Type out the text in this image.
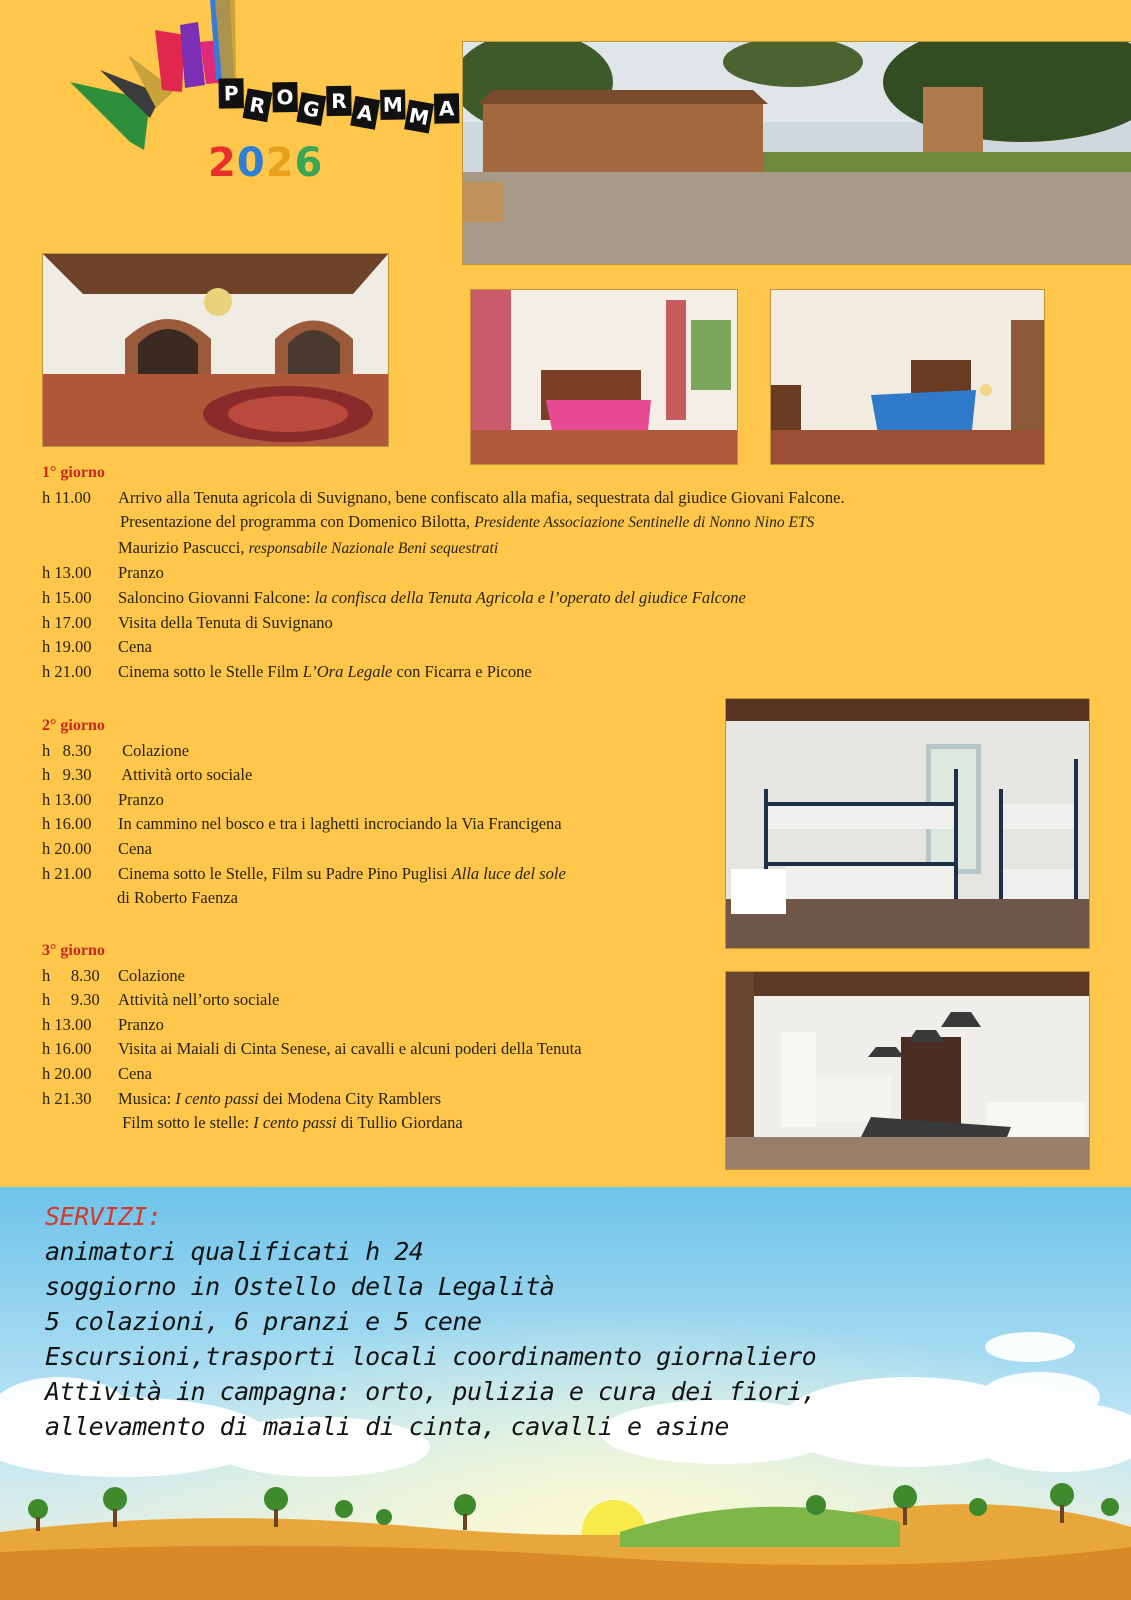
P R O G R A M M A
2026
1° giorno
h 11.00	Arrivo alla Tenuta agricola di Suvignano, bene confiscato alla mafia, sequestrata dal giudice Giovani Falcone.
Presentazione del programma con Domenico Bilotta, Presidente Associazione Sentinelle di Nonno Nino ETS
Maurizio Pascucci, responsabile Nazionale Beni sequestrati
h 13.00	Pranzo
h 15.00	Saloncino Giovanni Falcone: la confisca della Tenuta Agricola e l’operato del giudice Falcone
h 17.00	Visita della Tenuta di Suvignano
h 19.00	Cena
h 21.00	Cinema sotto le Stelle Film L’Ora Legale con Ficarra e Picone
2° giorno
h   8.30	Colazione
h   9.30	Attività orto sociale
h 13.00	Pranzo
h 16.00	In cammino nel bosco e tra i laghetti incrociando la Via Francigena
h 20.00	Cena
h 21.00	Cinema sotto le Stelle, Film su Padre Pino Puglisi Alla luce del sole
di Roberto Faenza
3° giorno
h     8.30	Colazione
h     9.30	Attività nell’orto sociale
h 13.00	Pranzo
h 16.00	Visita ai Maiali di Cinta Senese, ai cavalli e alcuni poderi della Tenuta
h 20.00	Cena
h 21.30	Musica: I cento passi dei Modena City Ramblers
Film sotto le stelle: I cento passi di Tullio Giordana
SERVIZI:
animatori qualificati h 24
soggiorno in Ostello della Legalità
5 colazioni, 6 pranzi e 5 cene
Escursioni,trasporti locali coordinamento giornaliero
Attività in campagna: orto, pulizia e cura dei fiori,
allevamento di maiali di cinta, cavalli e asine
